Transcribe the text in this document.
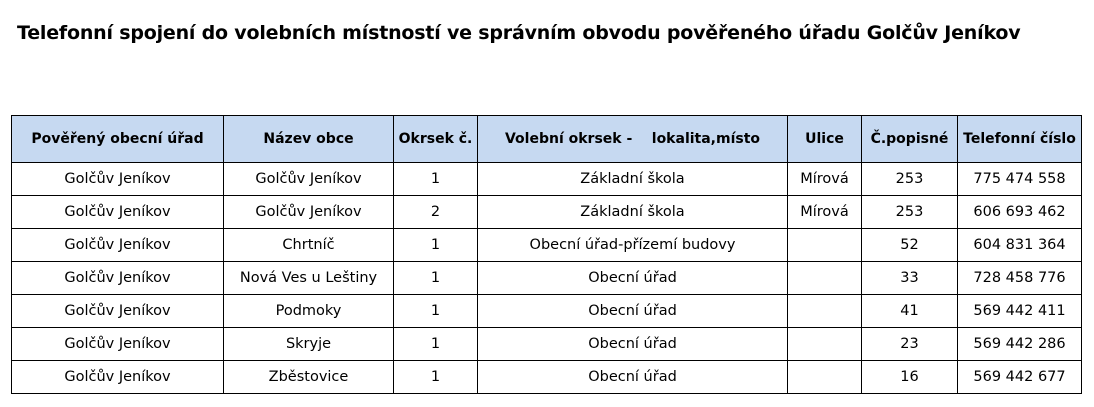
Telefonní spojení do volebních místností ve správním obvodu pověřeného úřadu Golčův Jeníkov
Pověřený obecní úřad	Název obce	Okrsek č.	Volební okrsek -    lokalita,místo	Ulice	Č.popisné	Telefonní číslo
Golčův Jeníkov	Golčův Jeníkov	1	Základní škola	Mírová	253	775 474 558
Golčův Jeníkov	Golčův Jeníkov	2	Základní škola	Mírová	253	606 693 462
Golčův Jeníkov	Chrtníč	1	Obecní úřad-přízemí budovy		52	604 831 364
Golčův Jeníkov	Nová Ves u Leštiny	1	Obecní úřad		33	728 458 776
Golčův Jeníkov	Podmoky	1	Obecní úřad		41	569 442 411
Golčův Jeníkov	Skryje	1	Obecní úřad		23	569 442 286
Golčův Jeníkov	Zběstovice	1	Obecní úřad		16	569 442 677
